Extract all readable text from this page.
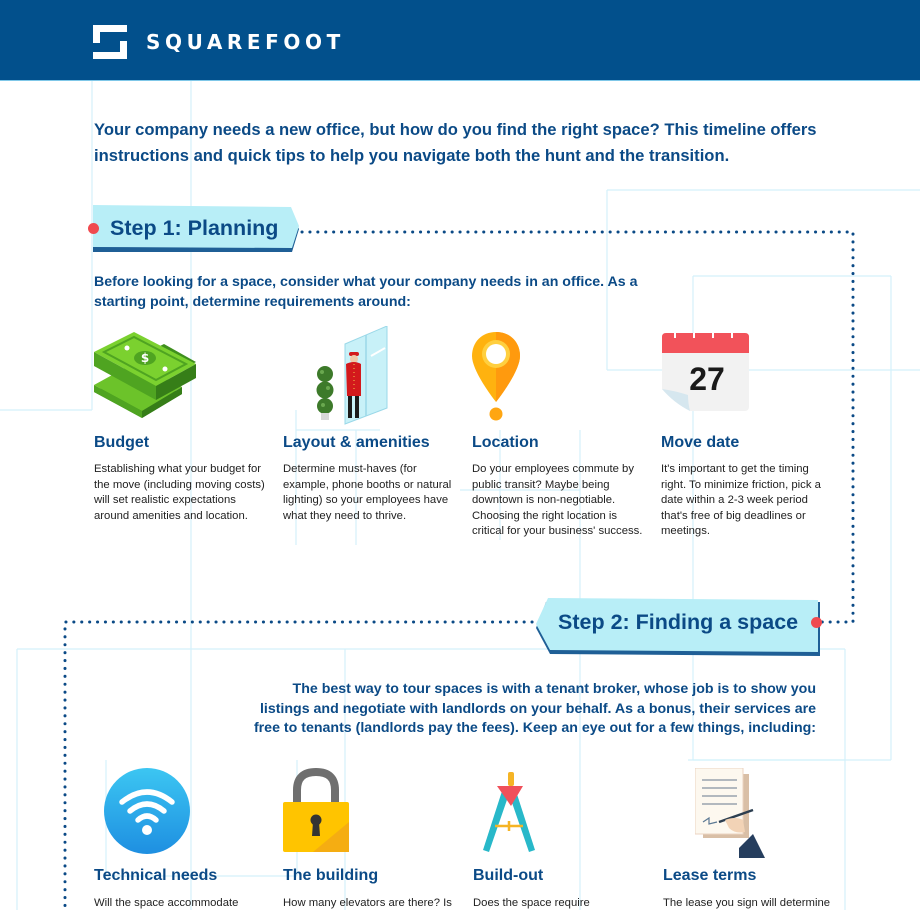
SQUAREFOOT

Your company needs a new office, but how do you find the right space? This timeline offers instructions and quick tips to help you navigate both the hunt and the transition.

Step 1: Planning

Before looking for a space, consider what your company needs in an office. As a starting point, determine requirements around:

$
Budget
Establishing what your budget for the move (including moving costs) will set realistic expectations around amenities and location.
Layout & amenities
Determine must-haves (for example, phone booths or natural lighting) so your employees have what they need to thrive.
Location
Do your employees commute by public transit? Maybe being downtown is non-negotiable. Choosing the right location is critical for your business' success.
27
Move date
It's important to get the timing right. To minimize friction, pick a date within a 2-3 week period that's free of big deadlines or meetings.
Step 2: Finding a space

The best way to tour spaces is with a tenant broker, whose job is to show you listings and negotiate with landlords on your behalf. As a bonus, their services are free to tenants (landlords pay the fees). Keep an eye out for a few things, including:

Technical needs
Will the space accommodate
The building
How many elevators are there? Is
Build-out
Does the space require
Lease terms
The lease you sign will determine
